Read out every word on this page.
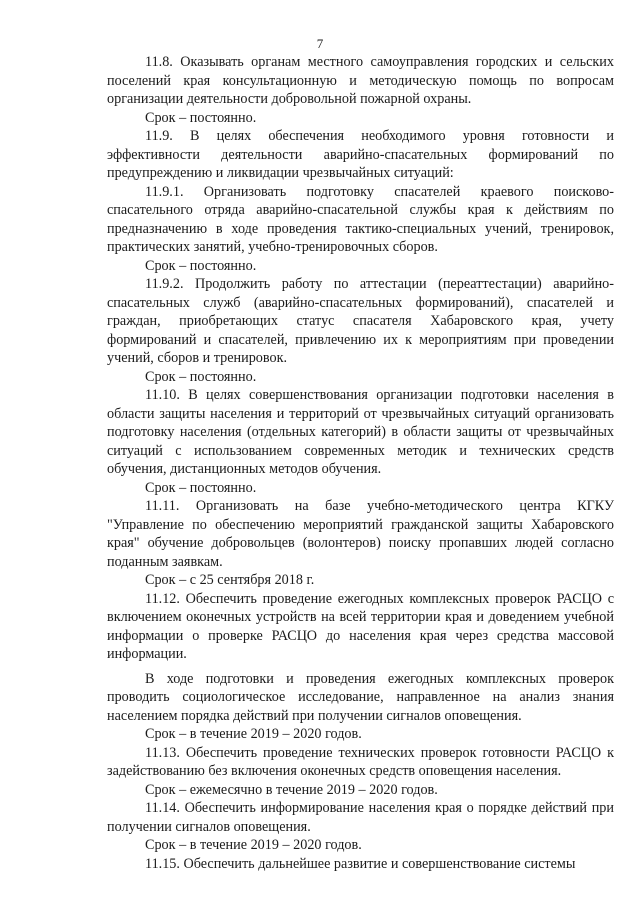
7

11.8. Оказывать органам местного самоуправления городских и сельских поселений края консультационную и методическую помощь по вопросам организации деятельности добровольной пожарной охраны.

Срок – постоянно.

11.9. В целях обеспечения необходимого уровня готовности и эффективности деятельности аварийно-спасательных формирований по предупреждению и ликвидации чрезвычайных ситуаций:

11.9.1. Организовать подготовку спасателей краевого поисково-спасательного отряда аварийно-спасательной службы края к действиям по предназначению в ходе проведения тактико-специальных учений, тренировок, практических занятий, учебно-тренировочных сборов.

Срок – постоянно.

11.9.2. Продолжить работу по аттестации (переаттестации) аварийно-спасательных служб (аварийно-спасательных формирований), спасателей и граждан, приобретающих статус спасателя Хабаровского края, учету формирований и спасателей, привлечению их к мероприятиям при проведении учений, сборов и тренировок.

Срок – постоянно.

11.10. В целях совершенствования организации подготовки населения в области защиты населения и территорий от чрезвычайных ситуаций организовать подготовку населения (отдельных категорий) в области защиты от чрезвычайных ситуаций с использованием современных методик и технических средств обучения, дистанционных методов обучения.

Срок – постоянно.

11.11. Организовать на базе учебно-методического центра КГКУ "Управление по обеспечению мероприятий гражданской защиты Хабаровского края" обучение добровольцев (волонтеров) поиску пропавших людей согласно поданным заявкам.

Срок – с 25 сентября 2018 г.

11.12. Обеспечить проведение ежегодных комплексных проверок РАСЦО с включением оконечных устройств на всей территории края и доведением учебной информации о проверке РАСЦО до населения края через средства массовой информации.

В ходе подготовки и проведения ежегодных комплексных проверок проводить социологическое исследование, направленное на анализ знания населением порядка действий при получении сигналов оповещения.

Срок – в течение 2019 – 2020 годов.

11.13. Обеспечить проведение технических проверок готовности РАСЦО к задействованию без включения оконечных средств оповещения населения.

Срок – ежемесячно в течение 2019 – 2020 годов.

11.14. Обеспечить информирование населения края о порядке действий при получении сигналов оповещения.

Срок – в течение 2019 – 2020 годов.

11.15. Обеспечить дальнейшее развитие и совершенствование системы
